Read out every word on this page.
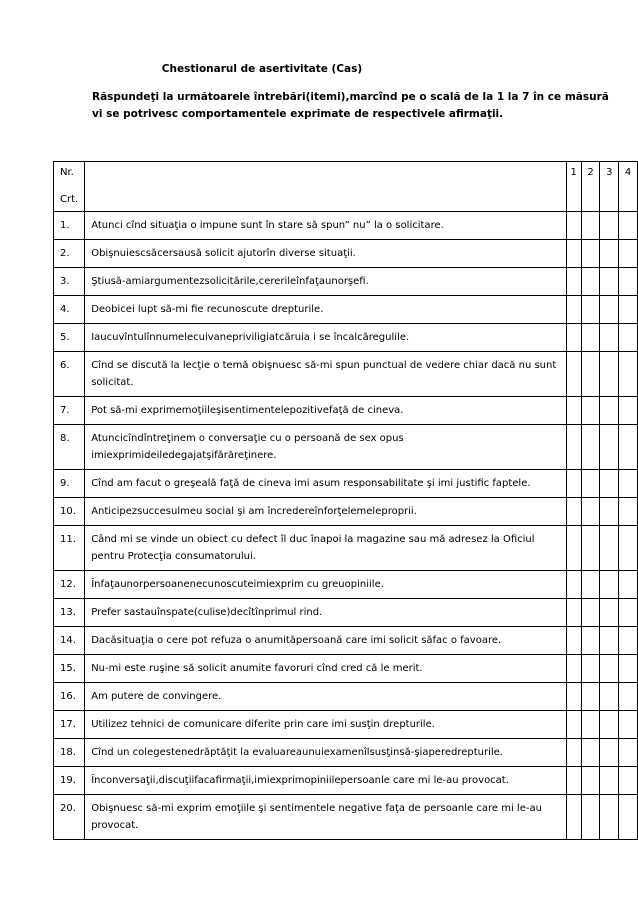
Chestionarul de asertivitate (Cas)
Răspundeţi la următoarele întrebări(itemi),marcînd pe o scală de la 1 la 7 în ce măsură vi se potrivesc comportamentele exprimate de respectivele afirmaţii.
Nr.
Crt.		1	2	3	4

1.	Atunci cînd situaţia o impune sunt în stare să spun” nu” la o solicitare.				

2.	Obişnuiescsăcersausă solicit ajutorîn diverse situaţii.				

3.	Ştiusă-amiargumentezsolicitările,cererileînfaţaunorşefi.				

4.	Deobicei lupt să-mi fie recunoscute drepturile.				

5.	Iaucuvîntulînnumelecuivanepriviligiatcăruia i se încalcăregulile.				

6.	Cînd se discută la lecţie o temă obişnuesc să-mi spun punctual de vedere chiar dacă nu sunt solicitat.				

7.	Pot să-mi exprimemoţiileşisentimentelepozitivefaţă de cineva.				

8.	Atuncicîndîntreţinem o conversaţie cu o persoană de sex opus imiexprimideiledegajatşifărăreţinere.				

9.	Cînd am facut o greşeală faţă de cineva imi asum responsabilitate şi imi justific faptele.				

10.	Anticipezsuccesulmeu social şi am încredereînforţelemeleproprii.				

11.	Când mi se vinde un obiect cu defect îl duc înapoi la magazine sau mă adresez la Oficiul pentru Protecţia consumatorului.				

12.	Înfaţaunorpersoanenecunoscuteimiexprim cu greuopiniile.				

13.	Prefer sastauînspate(culise)decîtînprimul rind.				

14.	Dacăsituaţia o cere pot refuza o anumităpersoană care imi solicit săfac o favoare.				

15.	Nu-mi este ruşine să solicit anumite favoruri cînd cred că le merit.				

16.	Am putere de convingere.				

17.	Utilizez tehnici de comunicare diferite prin care imi susţin drepturile.				

18.	Cînd un colegestenedrăptăţit la evaluareaunuiexamenîlsusţinsă-şiaperedrepturile.				

19.	Înconversaţii,discuţiifacafirmaţii,imiexprimopiniilepersoanle care mi le-au provocat.				

20.	Obişnuesc să-mi exprim emoţiile şi sentimentele negative faţa de persoanle care mi le-au provocat.				
